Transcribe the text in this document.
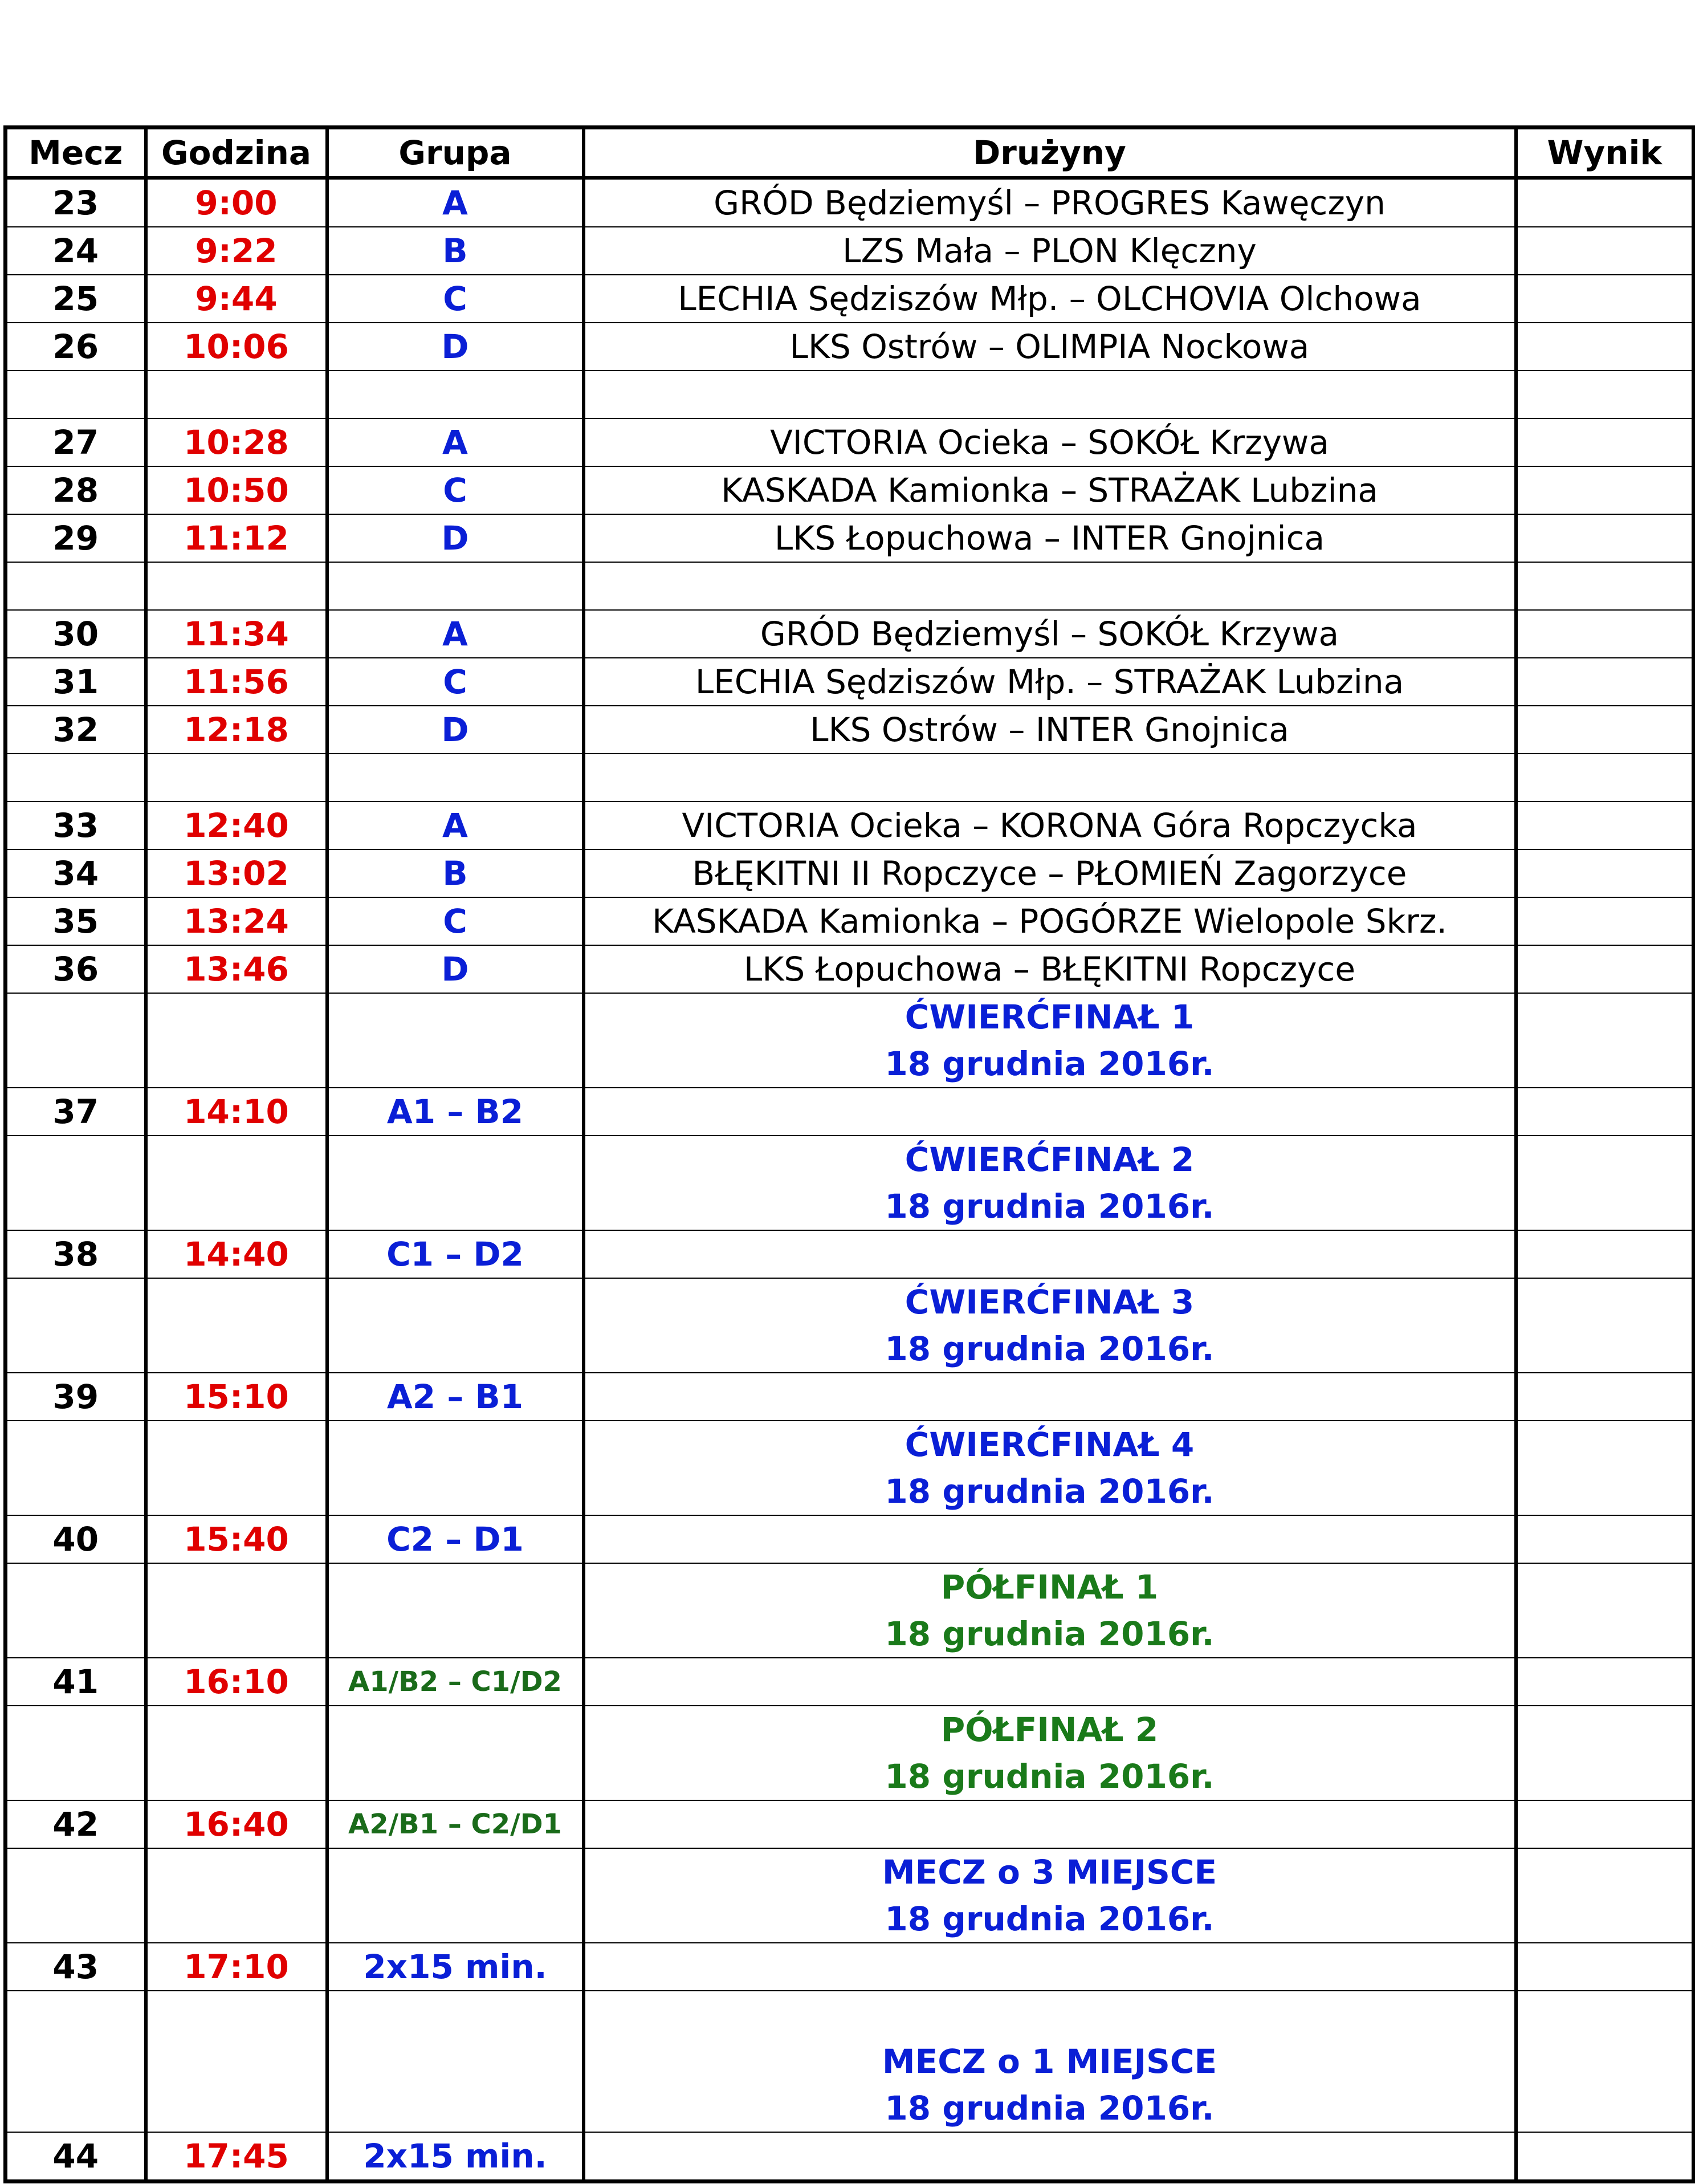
Mecz	Godzina	Grupa	Drużyny	Wynik
23	9:00	A	GRÓD Będziemyśl – PROGRES Kawęczyn	
24	9:22	B	LZS Mała – PLON Klęczny	
25	9:44	C	LECHIA Sędziszów Młp. – OLCHOVIA Olchowa	
26	10:06	D	LKS Ostrów – OLIMPIA Nockowa	

27	10:28	A	VICTORIA Ocieka – SOKÓŁ Krzywa	
28	10:50	C	KASKADA Kamionka – STRAŻAK Lubzina	
29	11:12	D	LKS Łopuchowa – INTER Gnojnica	

30	11:34	A	GRÓD Będziemyśl – SOKÓŁ Krzywa	
31	11:56	C	LECHIA Sędziszów Młp. – STRAŻAK Lubzina	
32	12:18	D	LKS Ostrów – INTER Gnojnica	

33	12:40	A	VICTORIA Ocieka – KORONA Góra Ropczycka	
34	13:02	B	BŁĘKITNI II Ropczyce – PŁOMIEŃ Zagorzyce	
35	13:24	C	KASKADA Kamionka – POGÓRZE Wielopole Skrz.	
36	13:46	D	LKS Łopuchowa – BŁĘKITNI Ropczyce	

			ĆWIERĆFINAŁ 1
18 grudnia 2016r.	

37	14:10	A1 – B2		

			ĆWIERĆFINAŁ 2
18 grudnia 2016r.	

38	14:40	C1 – D2		

			ĆWIERĆFINAŁ 3
18 grudnia 2016r.	

39	15:10	A2 – B1		

			ĆWIERĆFINAŁ 4
18 grudnia 2016r.	

40	15:40	C2 – D1		

			PÓŁFINAŁ 1
18 grudnia 2016r.	

41	16:10	A1/B2 – C1/D2		

			PÓŁFINAŁ 2
18 grudnia 2016r.	

42	16:40	A2/B1 – C2/D1		

			MECZ o 3 MIEJSCE
18 grudnia 2016r.	

43	17:10	2x15 min.		

			MECZ o 1 MIEJSCE
18 grudnia 2016r.	

44	17:45	2x15 min.		
